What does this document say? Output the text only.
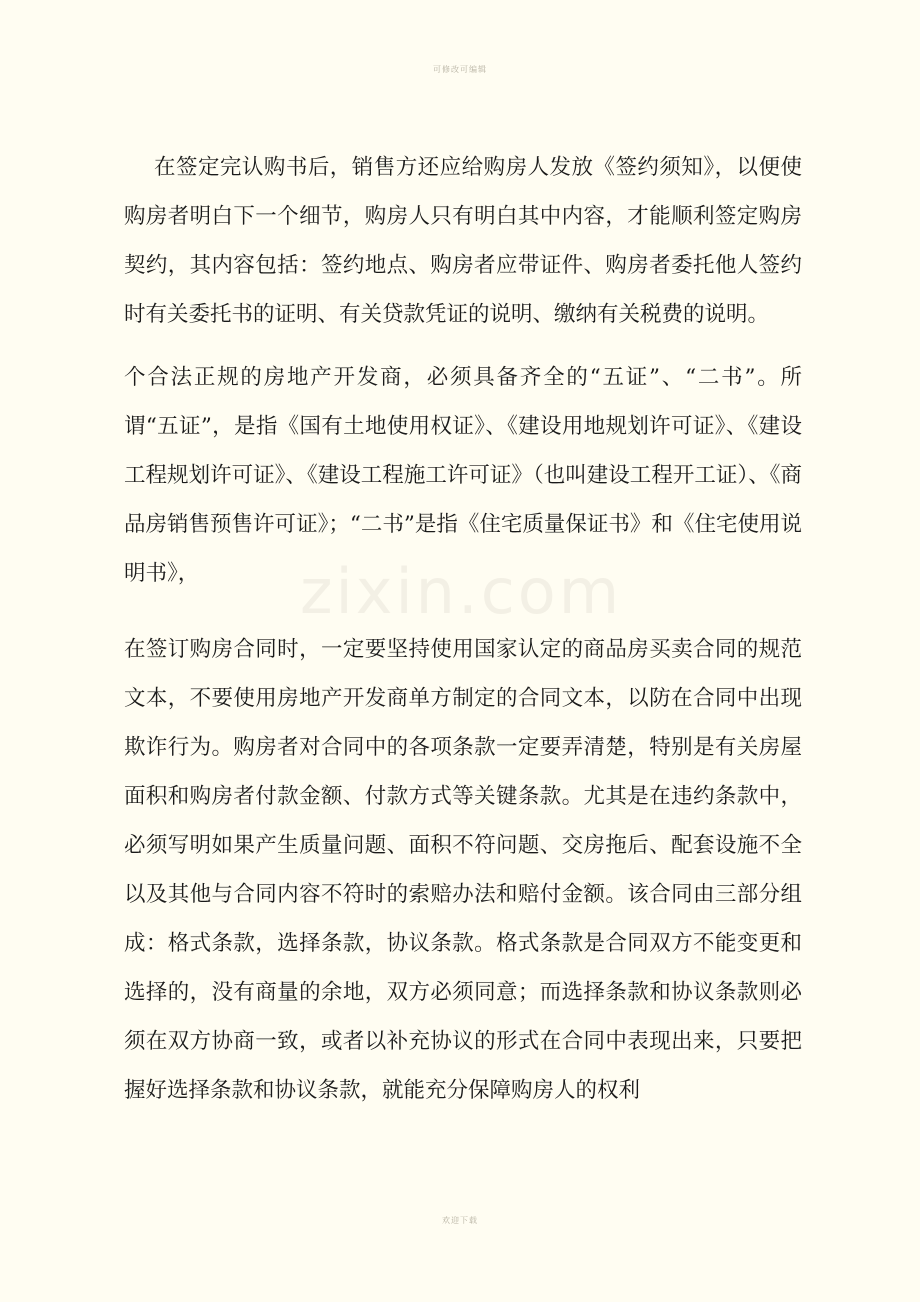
可修改可编辑
zixin.com

在签定完认购书后，销售方还应给购房人发放《签约须知》，以便使购房者明白下一个细节，购房人只有明白其中内容，才能顺利签定购房契约，其内容包括：签约地点、购房者应带证件、购房者委托他人签约时有关委托书的证明、有关贷款凭证的说明、缴纳有关税费的说明。

个合法正规的房地产开发商，必须具备齐全的“五证”、“二书”。所谓“五证”，是指《国有土地使用权证》、《建设用地规划许可证》、《建设工程规划许可证》、《建设工程施工许可证》（也叫建设工程开工证）、《商品房销售预售许可证》；“二书”是指《住宅质量保证书》和《住宅使用说明书》，

在签订购房合同时，一定要坚持使用国家认定的商品房买卖合同的规范文本，不要使用房地产开发商单方制定的合同文本，以防在合同中出现欺诈行为。购房者对合同中的各项条款一定要弄清楚，特别是有关房屋面积和购房者付款金额、付款方式等关键条款。尤其是在违约条款中，必须写明如果产生质量问题、面积不符问题、交房拖后、配套设施不全以及其他与合同内容不符时的索赔办法和赔付金额。该合同由三部分组成：格式条款，选择条款，协议条款。格式条款是合同双方不能变更和选择的，没有商量的余地，双方必须同意；而选择条款和协议条款则必须在双方协商一致，或者以补充协议的形式在合同中表现出来，只要把握好选择条款和协议条款，就能充分保障购房人的权利

欢迎下载
